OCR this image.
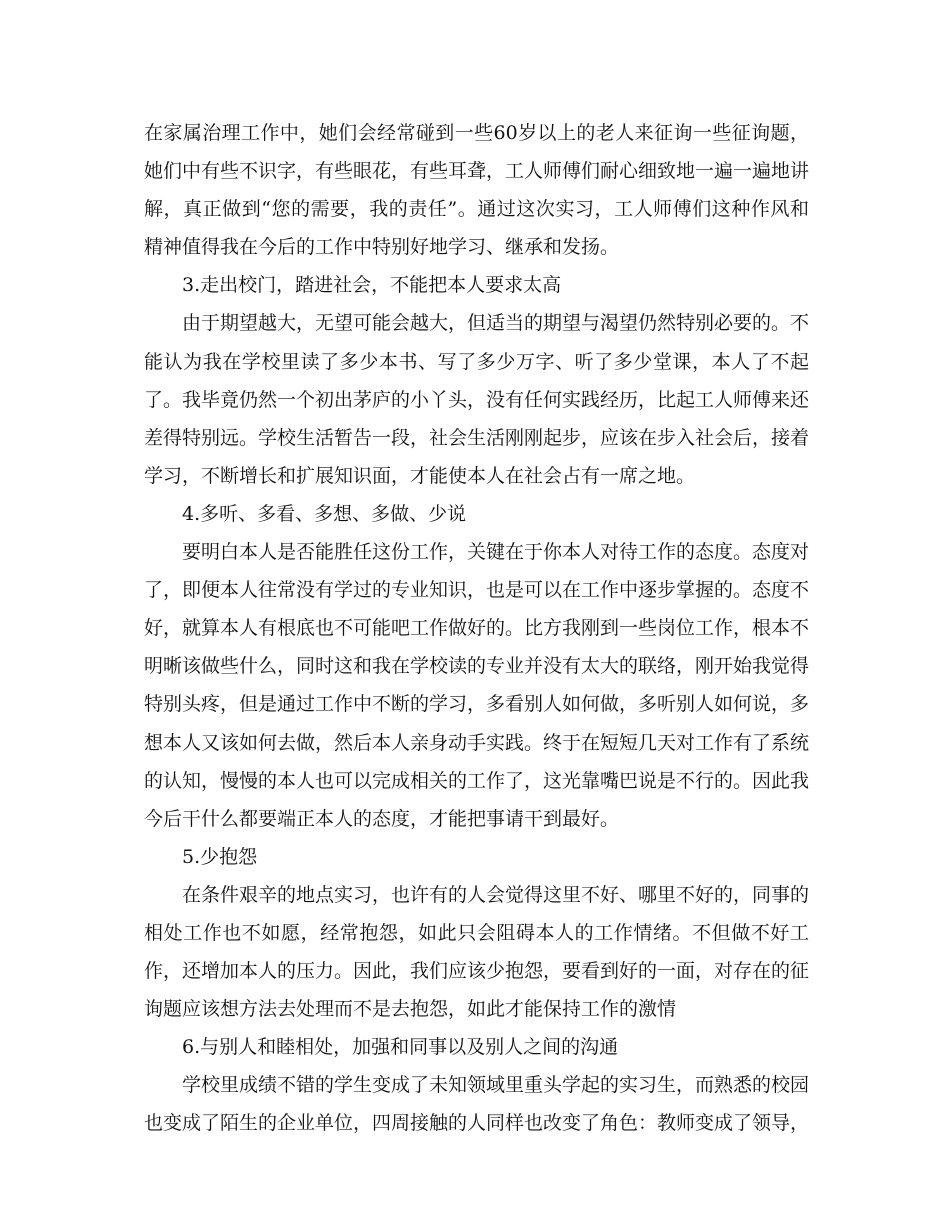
在家属治理工作中，她们会经常碰到一些60岁以上的老人来征询一些征询题，她们中有些不识字，有些眼花，有些耳聋，工人师傅们耐心细致地一遍一遍地讲解，真正做到“您的需要，我的责任”。通过这次实习，工人师傅们这种作风和精神值得我在今后的工作中特别好地学习、继承和发扬。

3.走出校门，踏进社会，不能把本人要求太高

由于期望越大，无望可能会越大，但适当的期望与渴望仍然特别必要的。不能认为我在学校里读了多少本书、写了多少万字、听了多少堂课，本人了不起了。我毕竟仍然一个初出茅庐的小丫头，没有任何实践经历，比起工人师傅来还差得特别远。学校生活暂告一段，社会生活刚刚起步，应该在步入社会后，接着学习，不断增长和扩展知识面，才能使本人在社会占有一席之地。

4.多听、多看、多想、多做、少说

要明白本人是否能胜任这份工作，关键在于你本人对待工作的态度。态度对了，即便本人往常没有学过的专业知识，也是可以在工作中逐步掌握的。态度不好，就算本人有根底也不可能吧工作做好的。比方我刚到一些岗位工作，根本不明晰该做些什么，同时这和我在学校读的专业并没有太大的联络，刚开始我觉得特别头疼，但是通过工作中不断的学习，多看别人如何做，多听别人如何说，多想本人又该如何去做，然后本人亲身动手实践。终于在短短几天对工作有了系统的认知，慢慢的本人也可以完成相关的工作了，这光靠嘴巴说是不行的。因此我今后干什么都要端正本人的态度，才能把事请干到最好。

5.少抱怨

在条件艰辛的地点实习，也许有的人会觉得这里不好、哪里不好的，同事的相处工作也不如愿，经常抱怨，如此只会阻碍本人的工作情绪。不但做不好工作，还增加本人的压力。因此，我们应该少抱怨，要看到好的一面，对存在的征询题应该想方法去处理而不是去抱怨，如此才能保持工作的激情

6.与别人和睦相处，加强和同事以及别人之间的沟通

学校里成绩不错的学生变成了未知领域里重头学起的实习生，而熟悉的校园也变成了陌生的企业单位，四周接触的人同样也改变了角色：教师变成了领导，
